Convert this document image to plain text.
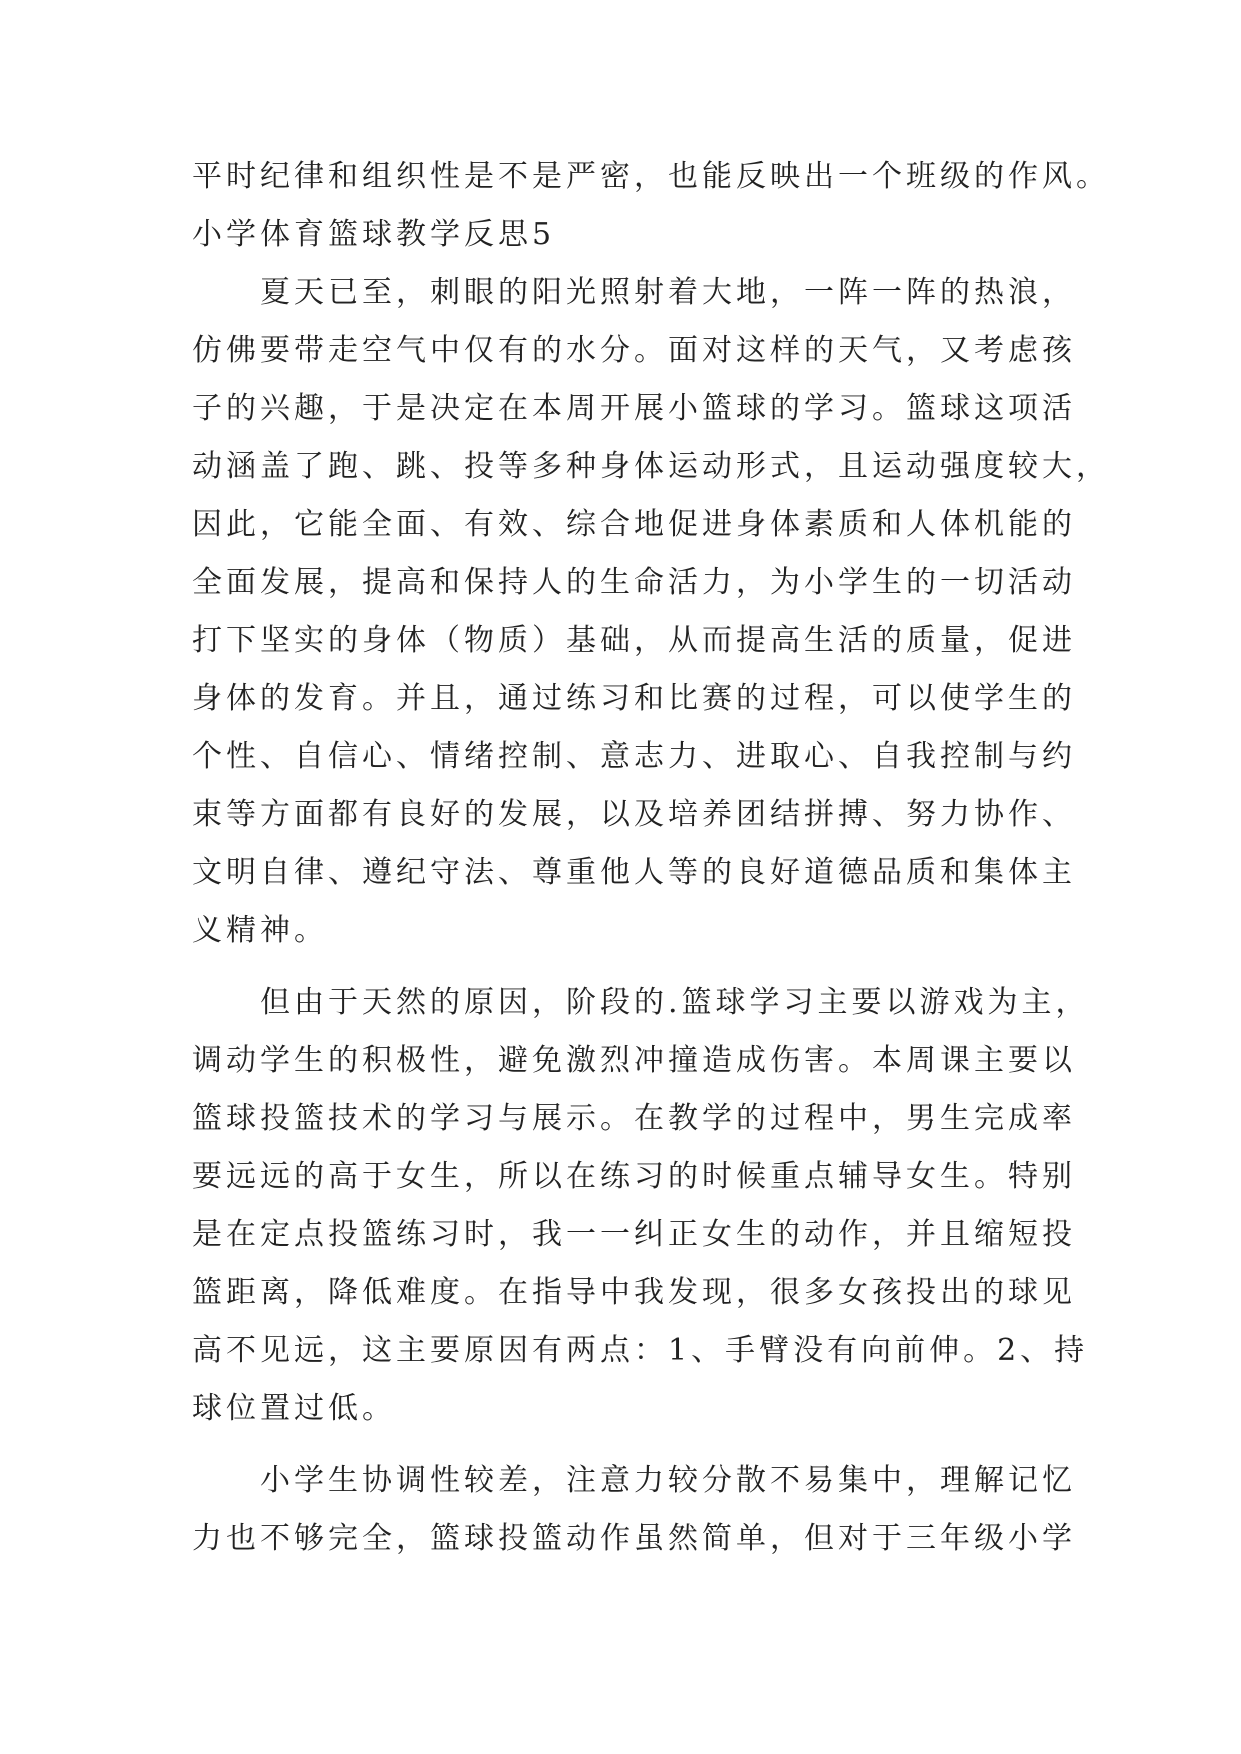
平时纪律和组织性是不是严密，也能反映出一个班级的作风。
小学体育篮球教学反思5
　　夏天已至，刺眼的阳光照射着大地，一阵一阵的热浪，
仿佛要带走空气中仅有的水分。面对这样的天气，又考虑孩
子的兴趣，于是决定在本周开展小篮球的学习。篮球这项活
动涵盖了跑、跳、投等多种身体运动形式，且运动强度较大，
因此，它能全面、有效、综合地促进身体素质和人体机能的
全面发展，提高和保持人的生命活力，为小学生的一切活动
打下坚实的身体（物质）基础，从而提高生活的质量，促进
身体的发育。并且，通过练习和比赛的过程，可以使学生的
个性、自信心、情绪控制、意志力、进取心、自我控制与约
束等方面都有良好的发展，以及培养团结拼搏、努力协作、
文明自律、遵纪守法、尊重他人等的良好道德品质和集体主
义精神。
　　但由于天然的原因，阶段的.篮球学习主要以游戏为主，
调动学生的积极性，避免激烈冲撞造成伤害。本周课主要以
篮球投篮技术的学习与展示。在教学的过程中，男生完成率
要远远的高于女生，所以在练习的时候重点辅导女生。特别
是在定点投篮练习时，我一一纠正女生的动作，并且缩短投
篮距离，降低难度。在指导中我发现，很多女孩投出的球见
高不见远，这主要原因有两点：1、手臂没有向前伸。2、持
球位置过低。
　　小学生协调性较差，注意力较分散不易集中，理解记忆
力也不够完全，篮球投篮动作虽然简单，但对于三年级小学
